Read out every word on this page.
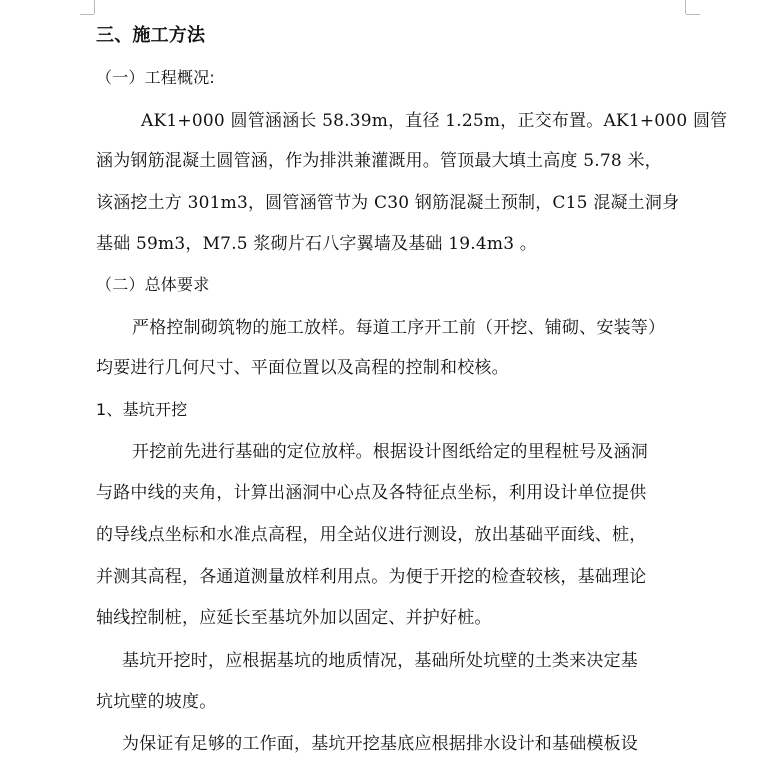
三、施工方法
（一）工程概况:
AK1+000 圆管涵涵长 58.39m，直径 1.25m，正交布置。AK1+000 圆管
涵为钢筋混凝土圆管涵，作为排洪兼灌溉用。管顶最大填土高度 5.78 米，
该涵挖土方 301m3，圆管涵管节为 C30 钢筋混凝土预制，C15 混凝土洞身
基础 59m3，M7.5 浆砌片石八字翼墙及基础 19.4m3 。
（二）总体要求
严格控制砌筑物的施工放样。每道工序开工前（开挖、铺砌、安装等）
均要进行几何尺寸、平面位置以及高程的控制和校核。
1、基坑开挖
开挖前先进行基础的定位放样。根据设计图纸给定的里程桩号及涵洞
与路中线的夹角，计算出涵洞中心点及各特征点坐标，利用设计单位提供
的导线点坐标和水准点高程，用全站仪进行测设，放出基础平面线、桩，
并测其高程，各通道测量放样利用点。为便于开挖的检查较核，基础理论
轴线控制桩，应延长至基坑外加以固定、并护好桩。
基坑开挖时，应根据基坑的地质情况，基础所处坑壁的土类来决定基
坑坑壁的坡度。
为保证有足够的工作面，基坑开挖基底应根据排水设计和基础模板设
